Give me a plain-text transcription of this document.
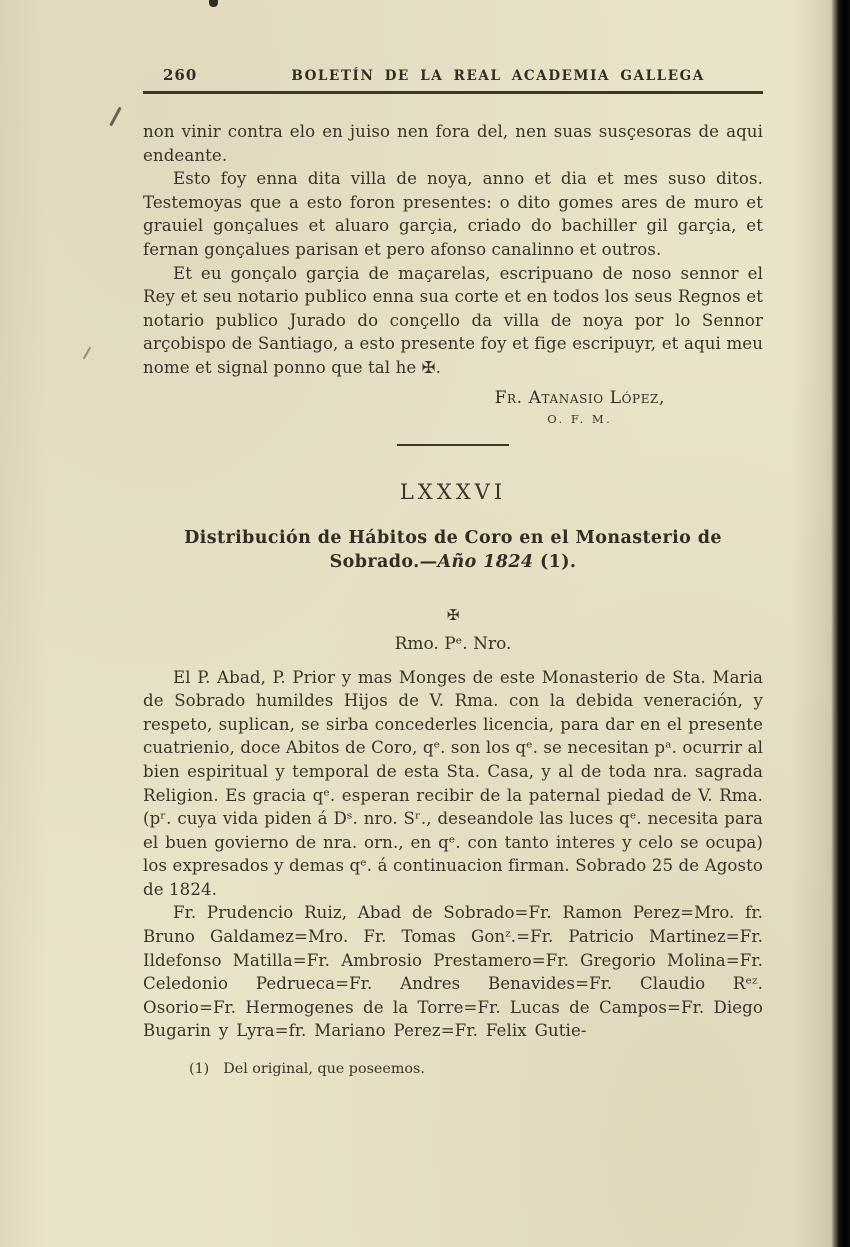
260	BOLETÍN DE LA REAL ACADEMIA GALLEGA

non vinir contra elo en juiso nen fora del, nen suas susçesoras de aqui endeante.

Esto foy enna dita villa de noya, anno et dia et mes suso ditos. Testemoyas que a esto foron presentes: o dito gomes ares de muro et grauiel gonçalues et aluaro garçia, criado do bachiller gil garçia, et fernan gonçalues parisan et pero afonso canalinno et outros.

Et eu gonçalo garçia de maçarelas, escripuano de noso sennor el Rey et seu notario publico enna sua corte et en todos los seus Regnos et notario publico Jurado do conçello da villa de noya por lo Sennor arçobispo de Santiago, a esto presente foy et fige escripuyr, et aqui meu nome et signal ponno que tal he ✠.

Fr. Atanasio López,
O. F. M.
LXXXVI
Distribución de Hábitos de Coro en el Monasterio de
Sobrado.—Año 1824 (1).
✠
Rmo. Pᵉ. Nro.

El P. Abad, P. Prior y mas Monges de este Monasterio de Sta. Maria de Sobrado humildes Hijos de V. Rma. con la debida veneración, y respeto, suplican, se sirba concederles licencia, para dar en el presente cuatrienio, doce Abitos de Coro, qᵉ. son los qᵉ. se necesitan pᵃ. ocurrir al bien espiritual y temporal de esta Sta. Casa, y al de toda nra. sagrada Religion. Es gracia qᵉ. esperan recibir de la paternal piedad de V. Rma. (pʳ. cuya vida piden á Dˢ. nro. Sʳ., deseandole las luces qᵉ. necesita para el buen govierno de nra. orn., en qᵉ. con tanto interes y celo se ocupa) los expresados y demas qᵉ. á continuacion firman. Sobrado 25 de Agosto de 1824.

Fr. Prudencio Ruiz, Abad de Sobrado=Fr. Ramon Perez=Mro. fr. Bruno Galdamez=Mro. Fr. Tomas Gonᶻ.=Fr. Patricio Martinez=Fr. Ildefonso Matilla=Fr. Ambrosio Prestamero=Fr. Gregorio Molina=Fr. Celedonio Pedrueca=Fr. Andres Benavides=Fr. Claudio Rᵉᶻ. Osorio=Fr. Hermogenes de la Torre=Fr. Lucas de Campos=Fr. Diego Bugarin y Lyra=fr. Mariano Perez=Fr. Felix Gutie-

(1) Del original, que poseemos.
